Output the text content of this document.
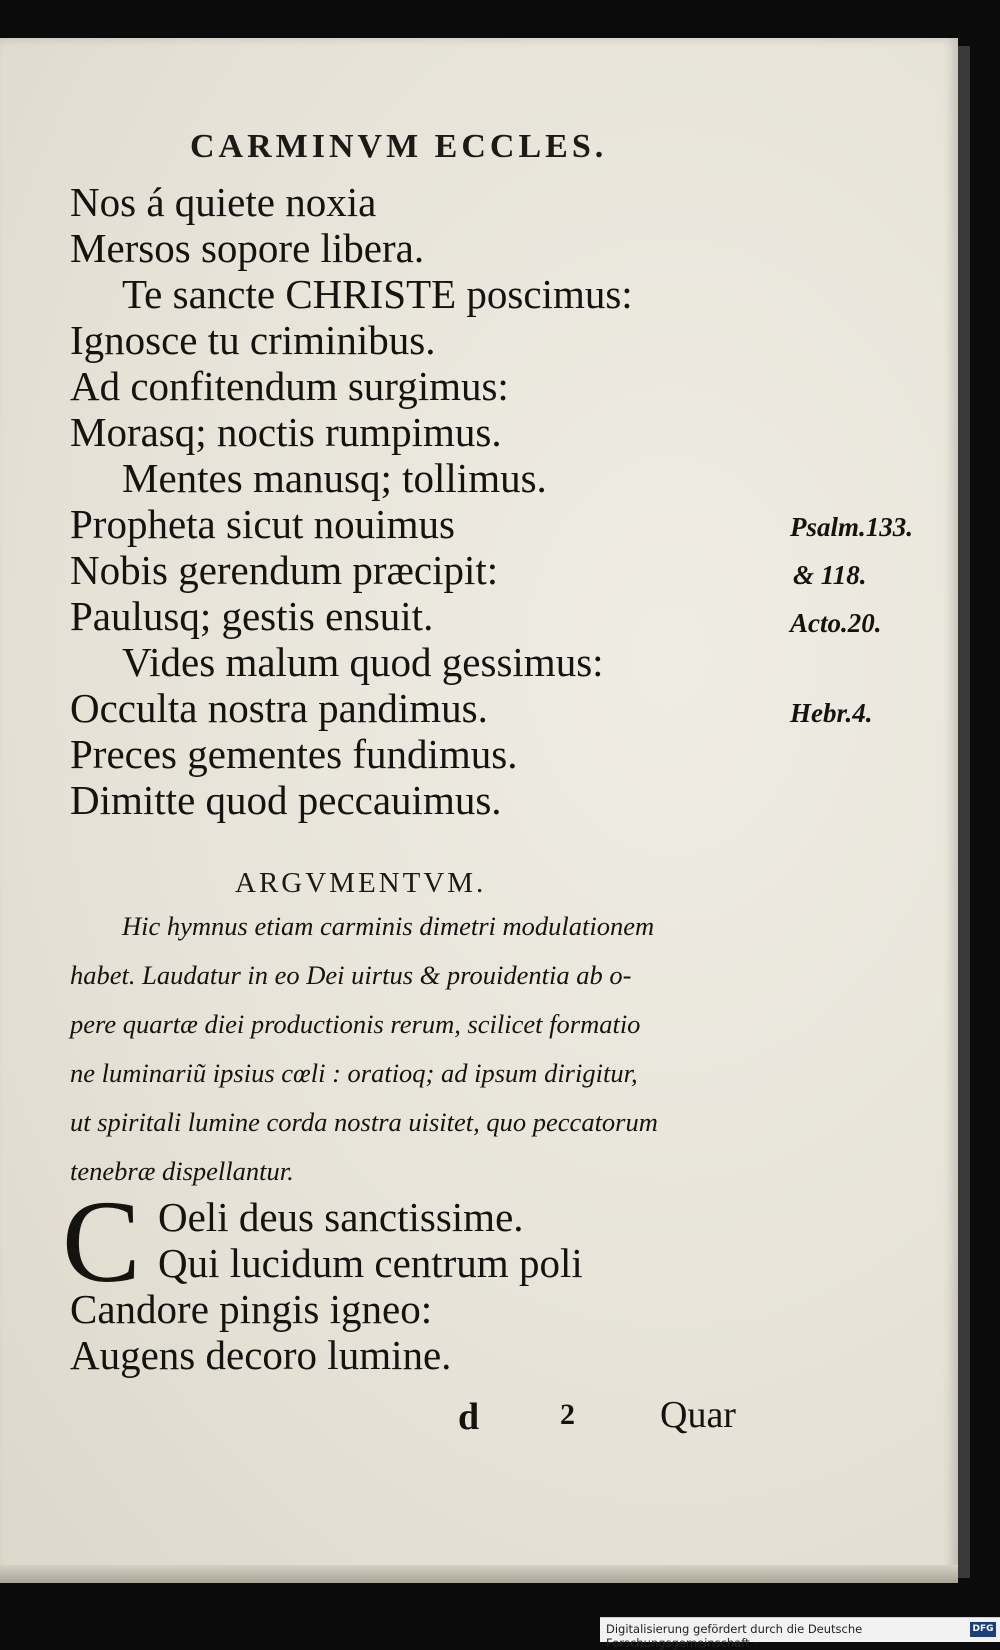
CARMINVM ECCLES.
Nos á quiete noxia
Mersos sopore libera.
Te sancte CHRISTE poscimus:
Ignosce tu criminibus.
Ad confitendum surgimus:
Morasq; noctis rumpimus.
Mentes manusq; tollimus.
Propheta sicut nouimus
Nobis gerendum præcipit:
Paulusq; gestis ensuit.
Vides malum quod gessimus:
Occulta nostra pandimus.
Preces gementes fundimus.
Dimitte quod peccauimus.
Psalm.133.
& 118.
Acto.20.
Hebr.4.
ARGVMENTVM.
Hic hymnus etiam carminis dimetri modulationem
habet. Laudatur in eo Dei uirtus & prouidentia ab o-
pere quartæ diei productionis rerum, scilicet formatio
ne luminariũ ipsius cœli : oratioq; ad ipsum dirigitur,
ut spiritali lumine corda nostra uisitet, quo peccatorum
tenebræ dispellantur.
C Oeli deus sanctissime.
Qui lucidum centrum poli
Candore pingis igneo:
Augens decoro lumine.
d	2 Quar
Digitalisierung gefördert durch die Deutsche Forschungsgemeinschaft ·
DFG
